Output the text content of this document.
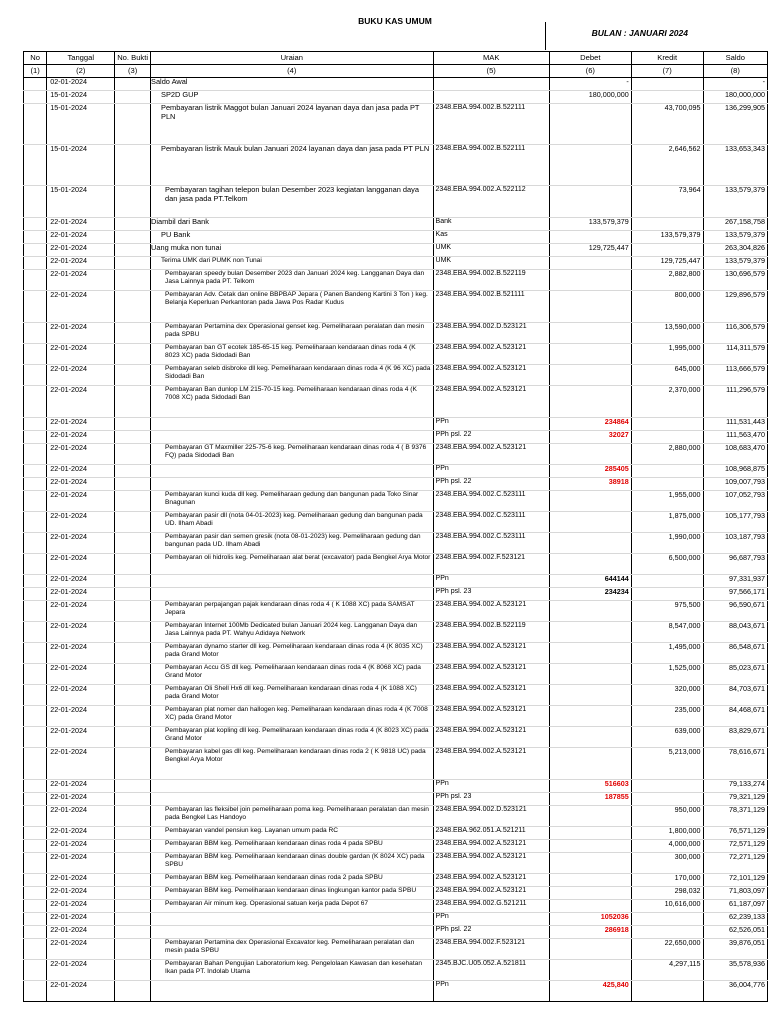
BUKU KAS UMUM
BULAN : JANUARI 2024
No	Tanggal	No. Bukti	Uraian	MAK	Debet	Kredit	Saldo
(1)	(2)	(3)	(4)	(5)	(6)	(7)	(8)
	02-01-2024		Saldo Awal		-		-
	15-01-2024		SP2D GUP		180,000,000		180,000,000
	15-01-2024		Pembayaran listrik Maggot bulan Januari 2024 layanan daya dan jasa pada PT PLN	2348.EBA.994.002.B.522111		43,700,095	136,299,905
	15-01-2024		Pembayaran listrik Mauk bulan Januari 2024 layanan daya dan jasa pada PT PLN	2348.EBA.994.002.B.522111		2,646,562	133,653,343
	15-01-2024		Pembayaran tagihan telepon bulan Desember 2023 kegiatan langganan daya dan jasa pada PT.Telkom	2348.EBA.994.002.A.522112		73,964	133,579,379
	22-01-2024		Diambil dari Bank	Bank	133,579,379		267,158,758
	22-01-2024		PU Bank	Kas		133,579,379	133,579,379
	22-01-2024		Uang muka non tunai	UMK	129,725,447		263,304,826
	22-01-2024		Terima UMK dari PUMK non Tunai	UMK		129,725,447	133,579,379
	22-01-2024		Pembayaran speedy bulan Desember 2023 dan Januari 2024 keg. Langganan Daya dan Jasa Lainnya pada PT. Telkom	2348.EBA.994.002.B.522119		2,882,800	130,696,579
	22-01-2024		Pembayaran Adv. Cetak dan online BBPBAP Jepara ( Panen Bandeng Kartini 3 Ton ) keg. Belanja Keperluan Perkantoran pada Jawa Pos Radar Kudus	2348.EBA.994.002.B.521111		800,000	129,896,579
	22-01-2024		Pembayaran Pertamina dex Operasional genset keg. Pemeliharaan peralatan dan mesin pada SPBU	2348.EBA.994.002.D.523121		13,590,000	116,306,579
	22-01-2024		Pembayaran ban GT ecotek 185-65-15 keg. Pemeliharaan kendaraan dinas roda 4 (K 8023 XC) pada Sidodadi Ban	2348.EBA.994.002.A.523121		1,995,000	114,311,579
	22-01-2024		Pembayaran seleb disbroke dll keg. Pemeliharaan kendaraan dinas roda 4 (K 96 XC) pada Sidodadi Ban	2348.EBA.994.002.A.523121		645,000	113,666,579
	22-01-2024		Pembayaran Ban dunlop LM 215-70-15 keg. Pemeliharaan kendaraan dinas roda 4 (K 7008 XC) pada Sidodadi Ban	2348.EBA.994.002.A.523121		2,370,000	111,296,579
	22-01-2024			PPn	234864		111,531,443
	22-01-2024			PPh psl. 22	32027		111,563,470
	22-01-2024		Pembayaran GT Maxmiller 225-75-6 keg. Pemeliharaan kendaraan dinas roda 4 ( B 9376 FQ) pada Sidodadi Ban	2348.EBA.994.002.A.523121		2,880,000	108,683,470
	22-01-2024			PPn	285405		108,968,875
	22-01-2024			PPh psl. 22	38918		109,007,793
	22-01-2024		Pembayaran kunci kuda dll keg. Pemeliharaan gedung dan bangunan pada Toko Sinar Bnagunan	2348.EBA.994.002.C.523111		1,955,000	107,052,793
	22-01-2024		Pembayaran pasir dll (nota 04-01-2023) keg. Pemeliharaan gedung dan bangunan pada UD. Ilham Abadi	2348.EBA.994.002.C.523111		1,875,000	105,177,793
	22-01-2024		Pembayaran pasir dan semen gresik (nota 08-01-2023) keg. Pemeliharaan gedung dan bangunan pada UD. Ilham Abadi	2348.EBA.994.002.C.523111		1,990,000	103,187,793
	22-01-2024		Pembayaran oli hidrolis keg. Pemeliharaan alat berat (excavator) pada Bengkel Arya Motor	2348.EBA.994.002.F.523121		6,500,000	96,687,793
	22-01-2024			PPn	644144		97,331,937
	22-01-2024			PPh psl. 23	234234		97,566,171
	22-01-2024		Pembayaran perpajangan pajak kendaraan dinas roda 4 ( K 1088 XC) pada SAMSAT Jepara	2348.EBA.994.002.A.523121		975,500	96,590,671
	22-01-2024		Pembayaran Internet 100Mb Dedicated bulan Januari 2024 keg. Langganan Daya dan Jasa Lainnya pada PT. Wahyu Adidaya Network	2348.EBA.994.002.B.522119		8,547,000	88,043,671
	22-01-2024		Pembayaran dynamo starter dll keg. Pemeliharaan kendaraan dinas roda 4 (K 8035 XC) pada Grand Motor	2348.EBA.994.002.A.523121		1,495,000	86,548,671
	22-01-2024		Pembayaran Accu GS dll keg. Pemeliharaan kendaraan dinas roda 4 (K 8068 XC) pada Grand Motor	2348.EBA.994.002.A.523121		1,525,000	85,023,671
	22-01-2024		Pembayaran Oli Shell Hx6 dll keg. Pemeliharaan kendaraan dinas roda 4 (K 1088 XC) pada Grand Motor	2348.EBA.994.002.A.523121		320,000	84,703,671
	22-01-2024		Pembayaran plat nomer dan hallogen keg. Pemeliharaan kendaraan dinas roda 4 (K 7008 XC) pada Grand Motor	2348.EBA.994.002.A.523121		235,000	84,468,671
	22-01-2024		Pembayaran plat kopling dll keg. Pemeliharaan kendaraan dinas roda 4 (K 8023 XC) pada Grand Motor	2348.EBA.994.002.A.523121		639,000	83,829,671
	22-01-2024		Pembayaran kabel gas dll keg. Pemeliharaan kendaraan dinas roda 2 ( K 9818 UC) pada Bengkel Arya Motor	2348.EBA.994.002.A.523121		5,213,000	78,616,671
	22-01-2024			PPn	516603		79,133,274
	22-01-2024			PPh psl. 23	187855		79,321,129
	22-01-2024		Pembayaran las fleksibel join pemeliharaan poma keg. Pemeliharaan peralatan dan mesin pada Bengkel Las Handoyo	2348.EBA.994.002.D.523121		950,000	78,371,129
	22-01-2024		Pembayaran vandel pensiun keg. Layanan umum pada RC	2348.EBA.962.051.A.521211		1,800,000	76,571,129
	22-01-2024		Pembayaran BBM keg. Pemeliharaan kendaraan dinas roda 4 pada SPBU	2348.EBA.994.002.A.523121		4,000,000	72,571,129
	22-01-2024		Pembayaran BBM keg. Pemeliharaan kendaraan dinas double gardan (K 8024 XC) pada SPBU	2348.EBA.994.002.A.523121		300,000	72,271,129
	22-01-2024		Pembayaran BBM keg. Pemeliharaan kendaraan dinas roda 2 pada SPBU	2348.EBA.994.002.A.523121		170,000	72,101,129
	22-01-2024		Pembayaran BBM keg. Pemeliharaan kendaraan dinas lingkungan kantor pada SPBU	2348.EBA.994.002.A.523121		298,032	71,803,097
	22-01-2024		Pembayaran Air minum keg. Operasional satuan kerja pada Depot 67	2348.EBA.994.002.G.521211		10,616,000	61,187,097
	22-01-2024			PPn	1052036		62,239,133
	22-01-2024			PPh psl. 22	286918		62,526,051
	22-01-2024		Pembayaran Pertamina dex Operasional Excavator keg. Pemeliharaan peralatan dan mesin pada SPBU	2348.EBA.994.002.F.523121		22,650,000	39,876,051
	22-01-2024		Pembayaran Bahan Pengujian Laboratorium keg. Pengelolaan Kawasan dan kesehatan Ikan pada PT. Indolab Utama	2345.BJC.U05.052.A.521811		4,297,115	35,578,936
	22-01-2024			PPn	425,840		36,004,776
